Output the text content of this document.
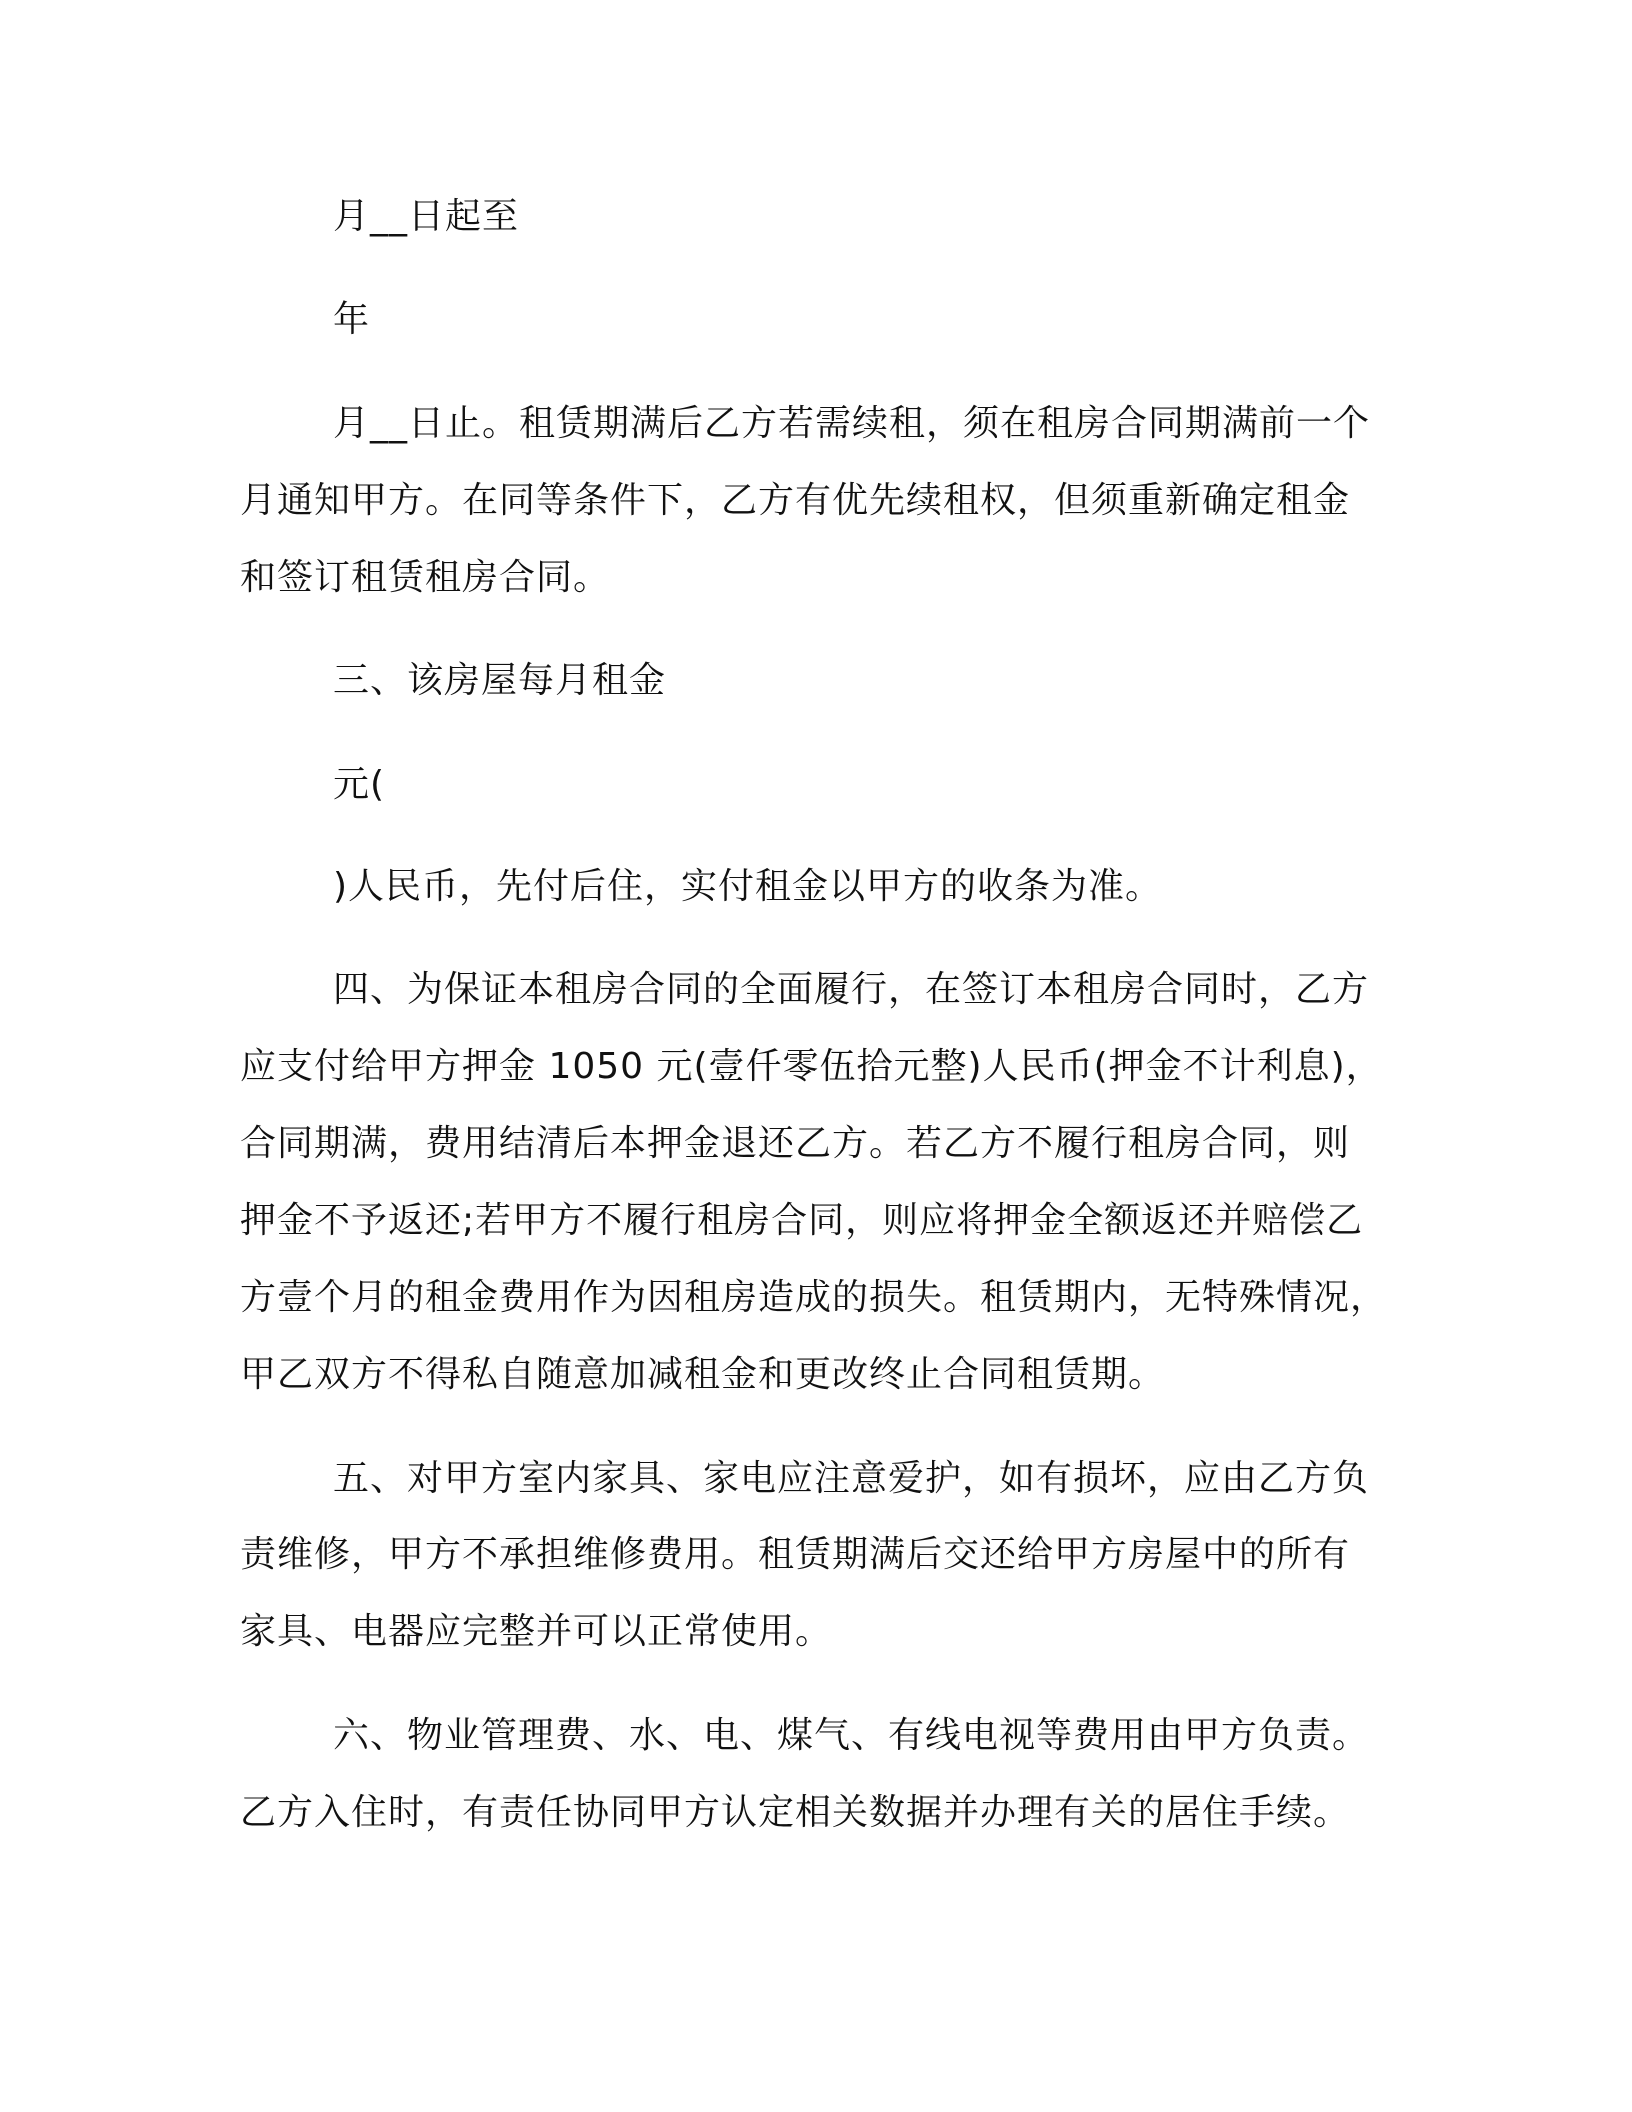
月__日起至
年
月__日止。租赁期满后乙方若需续租，须在租房合同期满前一个
月通知甲方。在同等条件下，乙方有优先续租权，但须重新确定租金
和签订租赁租房合同。
三、该房屋每月租金
元(
)人民币，先付后住，实付租金以甲方的收条为准。
四、为保证本租房合同的全面履行，在签订本租房合同时，乙方
应支付给甲方押金 1050 元(壹仟零伍拾元整)人民币(押金不计利息)，
合同期满，费用结清后本押金退还乙方。若乙方不履行租房合同，则
押金不予返还;若甲方不履行租房合同，则应将押金全额返还并赔偿乙
方壹个月的租金费用作为因租房造成的损失。租赁期内，无特殊情况，
甲乙双方不得私自随意加减租金和更改终止合同租赁期。
五、对甲方室内家具、家电应注意爱护，如有损坏，应由乙方负
责维修，甲方不承担维修费用。租赁期满后交还给甲方房屋中的所有
家具、电器应完整并可以正常使用。
六、物业管理费、水、电、煤气、有线电视等费用由甲方负责。
乙方入住时，有责任协同甲方认定相关数据并办理有关的居住手续。
